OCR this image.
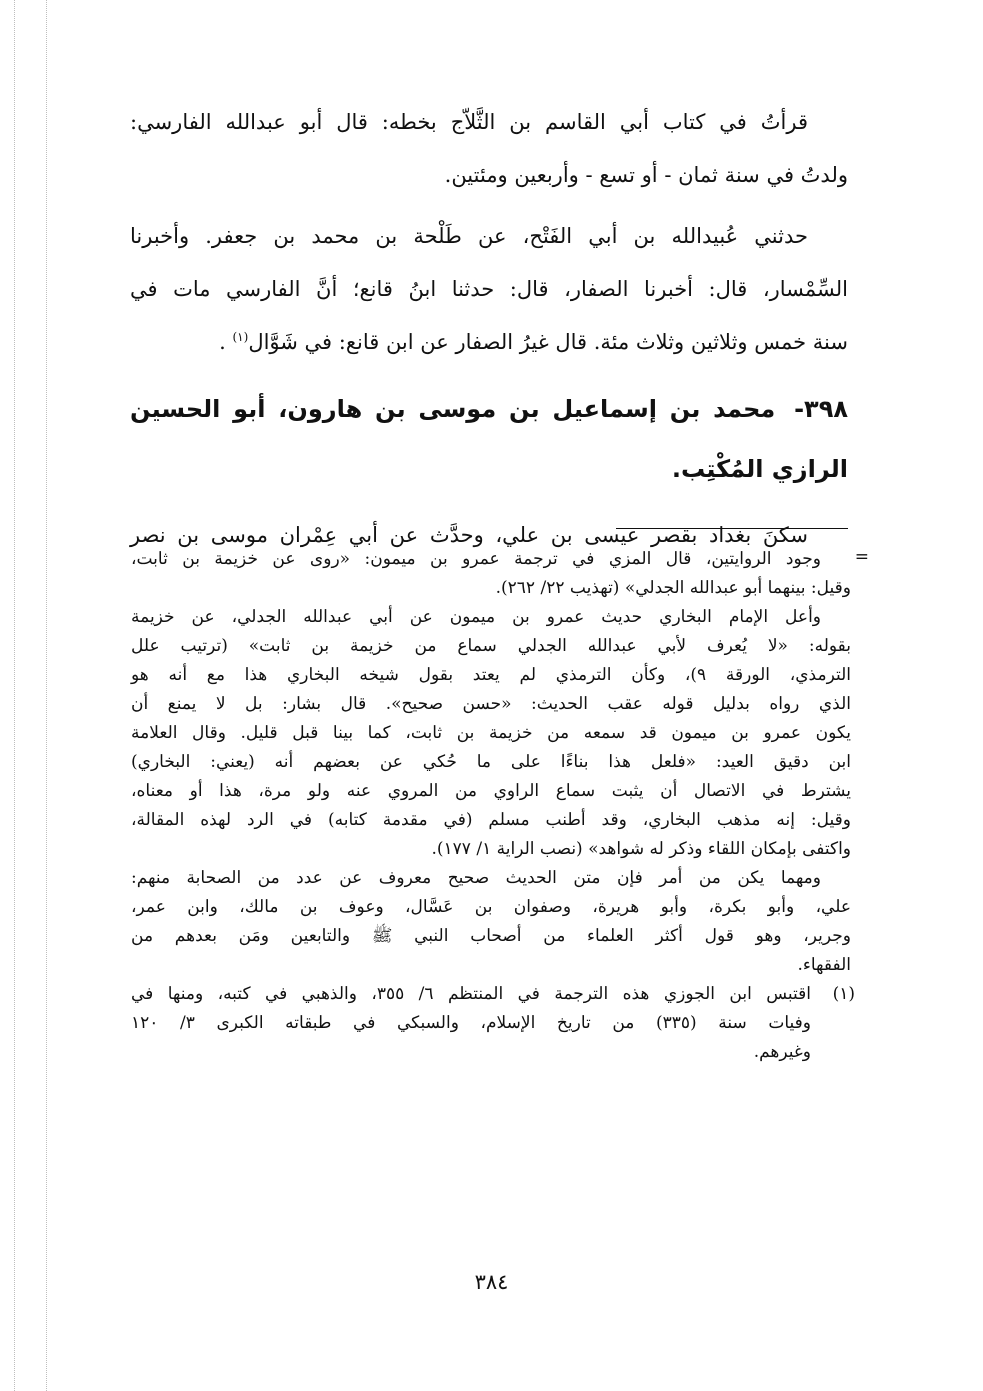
قرأتُ في كتاب أبي القاسم بن الثَّلاّج بخطه: قال أبو عبدالله الفارسي:

ولدتُ في سنة ثمان - أو تسع - وأربعين ومئتين.

حدثني عُبيدالله بن أبي الفَتْح، عن طَلْحة بن محمد بن جعفر. وأخبرنا

السِّمْسار، قال: أخبرنا الصفار، قال: حدثنا ابنُ قانع؛ أنَّ الفارسي مات في

سنة خمس وثلاثين وثلاث مئة. قال غيرُ الصفار عن ابن قانع: في شَوَّال$^{(١)}$ .

٣٩٨- محمد بن إسماعيل بن موسى بن هارون، أبو الحسين
الرازي المُكْتِب.

سكنَ بغداد بقصر عيسى بن علي، وحدَّث عن أبي عِمْران موسى بن نصر

=

وجود الروايتين، قال المزي في ترجمة عمرو بن ميمون: «روى عن خزيمة بن ثابت،

وقيل: بينهما أبو عبدالله الجدلي» (تهذيب ٢٢/ ٢٦٢).

وأعل الإمام البخاري حديث عمرو بن ميمون عن أبي عبدالله الجدلي، عن خزيمة

بقوله: «لا يُعرف لأبي عبدالله الجدلي سماع من خزيمة بن ثابت» (ترتيب علل

الترمذي، الورقة ٩)، وكأن الترمذي لم يعتد بقول شيخه البخاري هذا مع أنه هو

الذي رواه بدليل قوله عقب الحديث: «حسن صحيح». قال بشار: بل لا يمنع أن

يكون عمرو بن ميمون قد سمعه من خزيمة بن ثابت، كما بينا قبل قليل. وقال العلامة

ابن دقيق العيد: «فلعل هذا بناءًا على ما حُكي عن بعضهم أنه (يعني: البخاري)

يشترط في الاتصال أن يثبت سماع الراوي من المروي عنه ولو مرة، هذا أو معناه،

وقيل: إنه مذهب البخاري، وقد أطنب مسلم (في مقدمة كتابه) في الرد لهذه المقالة،

واكتفى بإمكان اللقاء وذكر له شواهد» (نصب الراية ١/ ١٧٧).

ومهما يكن من أمر فإن متن الحديث صحيح معروف عن عدد من الصحابة منهم:

علي، وأبو بكرة، وأبو هريرة، وصفوان بن عَسَّال، وعوف بن مالك، وابن عمر،

وجرير، وهو قول أكثر العلماء من أصحاب النبي ﷺ والتابعين ومَن بعدهم من

الفقهاء.

(١)

اقتبس ابن الجوزي هذه الترجمة في المنتظم ٦/ ٣٥٥، والذهبي في كتبه، ومنها في

وفيات سنة (٣٣٥) من تاريخ الإسلام، والسبكي في طبقاته الكبرى ٣/ ١٢٠

وغيرهم.

٣٨٤
